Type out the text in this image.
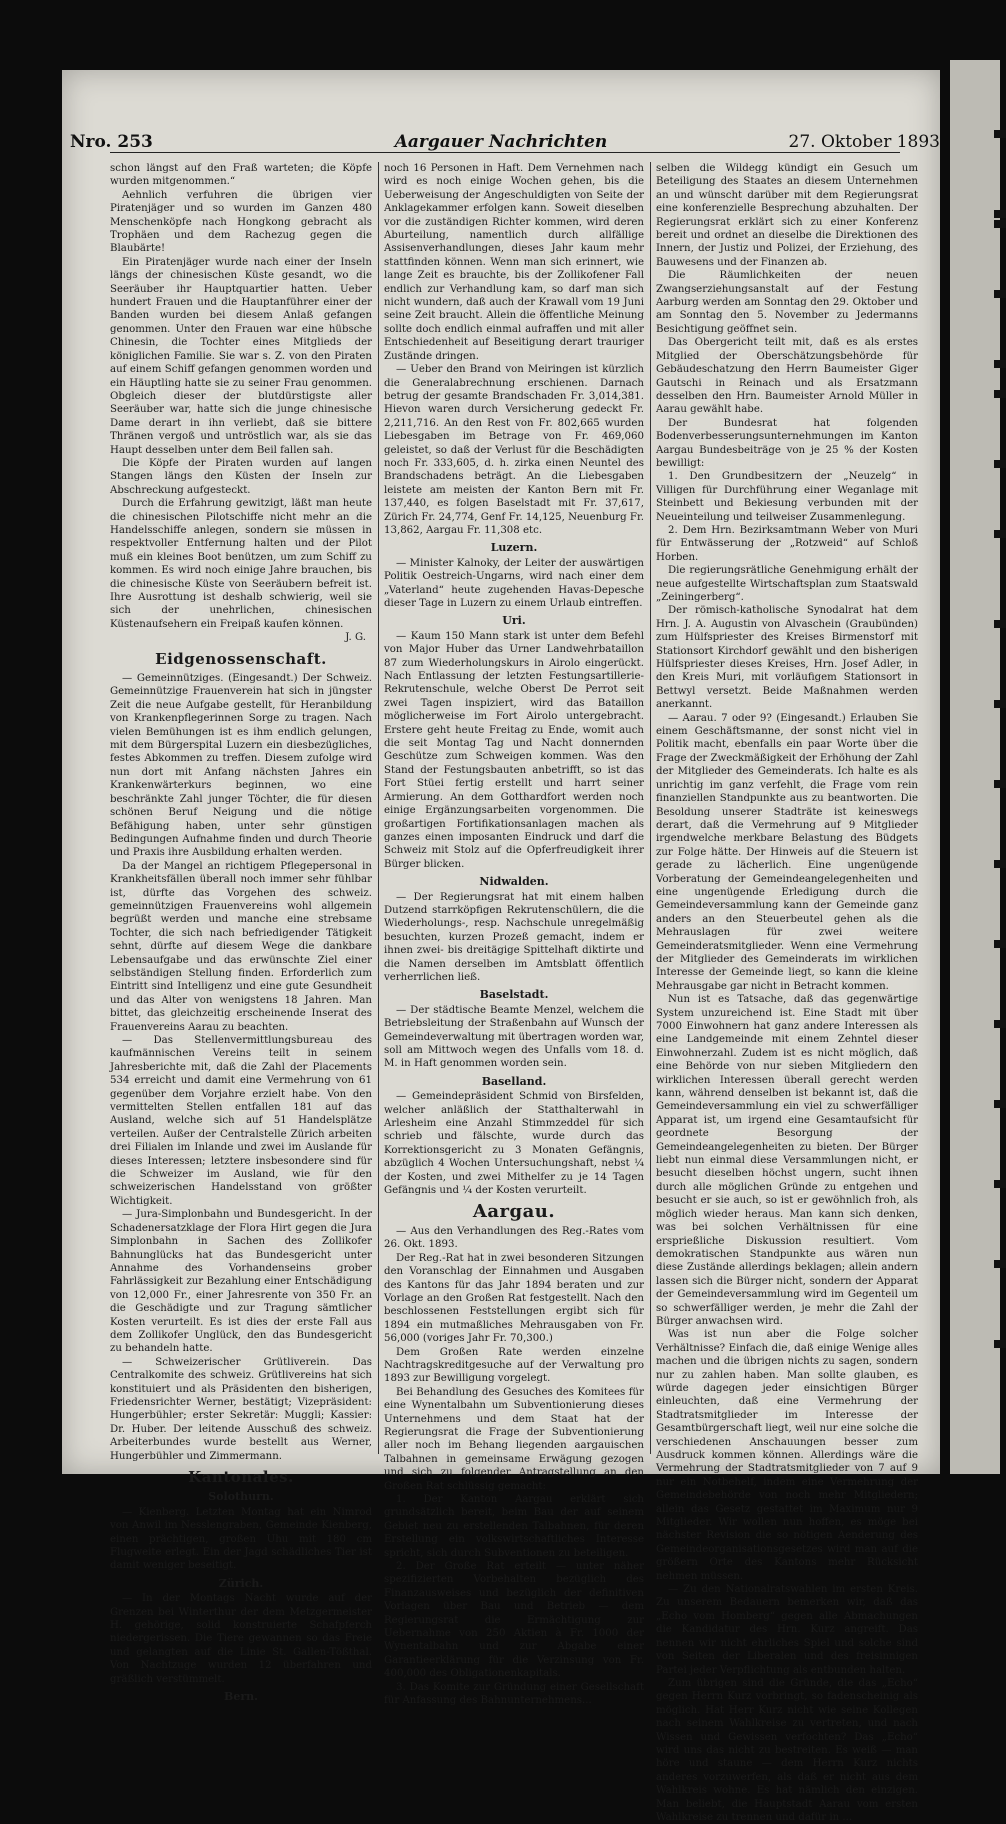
Nro. 253	Aargauer Nachrichten	27. Oktober 1893

schon längst auf den Fraß warteten; die Köpfe wurden mitgenommen.“

Aehnlich verfuhren die übrigen vier Piratenjäger und so wurden im Ganzen 480 Menschenköpfe nach Hongkong gebracht als Trophäen und dem Rachezug gegen die Blaubärte!

Ein Piratenjäger wurde nach einer der Inseln längs der chinesischen Küste gesandt, wo die Seeräuber ihr Hauptquartier hatten. Ueber hundert Frauen und die Hauptanführer einer der Banden wurden bei diesem Anlaß gefangen genommen. Unter den Frauen war eine hübsche Chinesin, die Tochter eines Mitglieds der königlichen Familie. Sie war s. Z. von den Piraten auf einem Schiff gefangen genommen worden und ein Häuptling hatte sie zu seiner Frau genommen. Obgleich dieser der blutdürstigste aller Seeräuber war, hatte sich die junge chinesische Dame derart in ihn verliebt, daß sie bittere Thränen vergoß und untröstlich war, als sie das Haupt desselben unter dem Beil fallen sah.

Die Köpfe der Piraten wurden auf langen Stangen längs den Küsten der Inseln zur Abschreckung aufgesteckt.

Durch die Erfahrung gewitzigt, läßt man heute die chinesischen Pilotschiffe nicht mehr an die Handelsschiffe anlegen, sondern sie müssen in respektvoller Entfernung halten und der Pilot muß ein kleines Boot benützen, um zum Schiff zu kommen. Es wird noch einige Jahre brauchen, bis die chinesische Küste von Seeräubern befreit ist. Ihre Ausrottung ist deshalb schwierig, weil sie sich der unehrlichen, chinesischen Küstenaufsehern ein Freipaß kaufen können.

J. G.
Eidgenossenschaft.

— Gemeinnütziges. (Eingesandt.) Der Schweiz. Gemeinnützige Frauenverein hat sich in jüngster Zeit die neue Aufgabe gestellt, für Heranbildung von Krankenpflegerinnen Sorge zu tragen. Nach vielen Bemühungen ist es ihm endlich gelungen, mit dem Bürgerspital Luzern ein diesbezügliches, festes Abkommen zu treffen. Diesem zufolge wird nun dort mit Anfang nächsten Jahres ein Krankenwärterkurs beginnen, wo eine beschränkte Zahl junger Töchter, die für diesen schönen Beruf Neigung und die nötige Befähigung haben, unter sehr günstigen Bedingungen Aufnahme finden und durch Theorie und Praxis ihre Ausbildung erhalten werden.

Da der Mangel an richtigem Pflegepersonal in Krankheitsfällen überall noch immer sehr fühlbar ist, dürfte das Vorgehen des schweiz. gemeinnützigen Frauenvereins wohl allgemein begrüßt werden und manche eine strebsame Tochter, die sich nach befriedigender Tätigkeit sehnt, dürfte auf diesem Wege die dankbare Lebensaufgabe und das erwünschte Ziel einer selbständigen Stellung finden. Erforderlich zum Eintritt sind Intelligenz und eine gute Gesundheit und das Alter von wenigstens 18 Jahren. Man bittet, das gleichzeitig erscheinende Inserat des Frauenvereins Aarau zu beachten.

— Das Stellenvermittlungsbureau des kaufmännischen Vereins teilt in seinem Jahresberichte mit, daß die Zahl der Placements 534 erreicht und damit eine Vermehrung von 61 gegenüber dem Vorjahre erzielt habe. Von den vermittelten Stellen entfallen 181 auf das Ausland, welche sich auf 51 Handelsplätze verteilen. Außer der Centralstelle Zürich arbeiten drei Filialen im Inlande und zwei im Auslande für dieses Interessen; letztere insbesondere sind für die Schweizer im Ausland, wie für den schweizerischen Handelsstand von größter Wichtigkeit.

— Jura-Simplonbahn und Bundesgericht. In der Schadenersatzklage der Flora Hirt gegen die Jura Simplonbahn in Sachen des Zollikofer Bahnunglücks hat das Bundesgericht unter Annahme des Vorhandenseins grober Fahrlässigkeit zur Bezahlung einer Entschädigung von 12,000 Fr., einer Jahresrente von 350 Fr. an die Geschädigte und zur Tragung sämtlicher Kosten verurteilt. Es ist dies der erste Fall aus dem Zollikofer Unglück, den das Bundesgericht zu behandeln hatte.

— Schweizerischer Grütliverein. Das Centralkomite des schweiz. Grütlivereins hat sich konstituiert und als Präsidenten den bisherigen, Friedensrichter Werner, bestätigt; Vizepräsident: Hungerbühler; erster Sekretär: Muggli; Kassier: Dr. Huber. Der leitende Ausschuß des schweiz. Arbeiterbundes wurde bestellt aus Werner, Hungerbühler und Zimmermann.

Kantonales.
Solothurn.

— Kienberg. Letzten Montag hat ein Nimrod von Anwil im Nesslengraben, Gemeinde Kienberg, einen prächtigen, großen Uhu mit 180 cm Flugweite erlegt. Ein der Jagd schädliches Tier ist damit weniger beseitigt.

Zürich.

— In der Montags Nacht wurde auf der Grenzen bei Winterthur der dem Metzgermeister H. gehörige, solid konstruierte Schafpferch niedergerissen. Die Tiere gewannen so das Freie und gelangten auf die Linie St. Gallen-Tößthal. Von Nachtzuge wurden 12 überfahren und gräßlich verstümmelt.

Bern.

noch 16 Personen in Haft. Dem Vernehmen nach wird es noch einige Wochen gehen, bis die Ueberweisung der Angeschuldigten von Seite der Anklagekammer erfolgen kann. Soweit dieselben vor die zuständigen Richter kommen, wird deren Aburteilung, namentlich durch allfällige Assisenverhandlungen, dieses Jahr kaum mehr stattfinden können. Wenn man sich erinnert, wie lange Zeit es brauchte, bis der Zollikofener Fall endlich zur Verhandlung kam, so darf man sich nicht wundern, daß auch der Krawall vom 19 Juni seine Zeit braucht. Allein die öffentliche Meinung sollte doch endlich einmal aufraffen und mit aller Entschiedenheit auf Beseitigung derart trauriger Zustände dringen.

— Ueber den Brand von Meiringen ist kürzlich die Generalabrechnung erschienen. Darnach betrug der gesamte Brandschaden Fr. 3,014,381. Hievon waren durch Versicherung gedeckt Fr. 2,211,716. An den Rest von Fr. 802,665 wurden Liebesgaben im Betrage von Fr. 469,060 geleistet, so daß der Verlust für die Beschädigten noch Fr. 333,605, d. h. zirka einen Neuntel des Brandschadens beträgt. An die Liebesgaben leistete am meisten der Kanton Bern mit Fr. 137,440, es folgen Baselstadt mit Fr. 37,617, Zürich Fr. 24,774, Genf Fr. 14,125, Neuenburg Fr. 13,862, Aargau Fr. 11,308 etc.

Luzern.

— Minister Kalnoky, der Leiter der auswärtigen Politik Oestreich-Ungarns, wird nach einer dem „Vaterland“ heute zugehenden Havas-Depesche dieser Tage in Luzern zu einem Urlaub eintreffen.

Uri.

— Kaum 150 Mann stark ist unter dem Befehl von Major Huber das Urner Landwehrbataillon 87 zum Wiederholungskurs in Airolo eingerückt. Nach Entlassung der letzten Festungsartillerie-Rekrutenschule, welche Oberst De Perrot seit zwei Tagen inspiziert, wird das Bataillon möglicherweise im Fort Airolo untergebracht. Erstere geht heute Freitag zu Ende, womit auch die seit Montag Tag und Nacht donnernden Geschütze zum Schweigen kommen. Was den Stand der Festungsbauten anbetrifft, so ist das Fort Stüei fertig erstellt und harrt seiner Armierung. An dem Gotthardfort werden noch einige Ergänzungsarbeiten vorgenommen. Die großartigen Fortifikationsanlagen machen als ganzes einen imposanten Eindruck und darf die Schweiz mit Stolz auf die Opferfreudigkeit ihrer Bürger blicken.

Nidwalden.

— Der Regierungsrat hat mit einem halben Dutzend starrköpfigen Rekrutenschülern, die die Wiederholungs-, resp. Nachschule unregelmäßig besuchten, kurzen Prozeß gemacht, indem er ihnen zwei- bis dreitägige Spittelhaft diktirte und die Namen derselben im Amtsblatt öffentlich verherrlichen ließ.

Baselstadt.

— Der städtische Beamte Menzel, welchem die Betriebsleitung der Straßenbahn auf Wunsch der Gemeindeverwaltung mit übertragen worden war, soll am Mittwoch wegen des Unfalls vom 18. d. M. in Haft genommen worden sein.

Baselland.

— Gemeindepräsident Schmid von Birsfelden, welcher anläßlich der Statthalterwahl in Arlesheim eine Anzahl Stimmzeddel für sich schrieb und fälschte, wurde durch das Korrektionsgericht zu 3 Monaten Gefängnis, abzüglich 4 Wochen Untersuchungshaft, nebst ¼ der Kosten, und zwei Mithelfer zu je 14 Tagen Gefängnis und ¼ der Kosten verurteilt.

Aargau.

— Aus den Verhandlungen des Reg.-Rates vom 26. Okt. 1893.

Der Reg.-Rat hat in zwei besonderen Sitzungen den Voranschlag der Einnahmen und Ausgaben des Kantons für das Jahr 1894 beraten und zur Vorlage an den Großen Rat festgestellt. Nach den beschlossenen Feststellungen ergibt sich für 1894 ein mutmaßliches Mehrausgaben von Fr. 56,000 (voriges Jahr Fr. 70,300.)

Dem Großen Rate werden einzelne Nachtragskreditgesuche auf der Verwaltung pro 1893 zur Bewilligung vorgelegt.

Bei Behandlung des Gesuches des Komitees für eine Wynentalbahn um Subventionierung dieses Unternehmens und dem Staat hat der Regierungsrat die Frage der Subventionierung aller noch im Behang liegenden aargauischen Talbahnen in gemeinsame Erwägung gezogen und sich zu folgender Antragstellung an den Großen Rat schlüssig gemacht:

1. Der Kanton Aargau erklärt sich grundsätzlich bereit, beim Bau der auf seinem Gebiet neu zu erstellenden Talbahnen, für deren Erstellung ein volkswirtschaftliches Interesse spricht, sich durch Subventionen zu beteiligen.

2. Der Große Rat erteilt — unter näher spezifizierten Vorbehalten bezüglich des Finanzausweises und bezüglich der definitiven Vorlagen über Bau und Betrieb — dem Regierungsrat die Ermächtigung zur Uebernahme von 250 Aktien à Fr. 1000 der Wynentalbahn und zur Abgabe einer Garantieerklärung für die Verzinsung von Fr. 400,000 des Obligationenkapitals.

3. Das Komite zur Gründung einer Gesellschaft für Anfassung des Bahnunternehmens...

selben die Wildegg kündigt ein Gesuch um Beteiligung des Staates an diesem Unternehmen an und wünscht darüber mit dem Regierungsrat eine konferenzielle Besprechung abzuhalten. Der Regierungsrat erklärt sich zu einer Konferenz bereit und ordnet an dieselbe die Direktionen des Innern, der Justiz und Polizei, der Erziehung, des Bauwesens und der Finanzen ab.

Die Räumlichkeiten der neuen Zwangserziehungsanstalt auf der Festung Aarburg werden am Sonntag den 29. Oktober und am Sonntag den 5. November zu Jedermanns Besichtigung geöffnet sein.

Das Obergericht teilt mit, daß es als erstes Mitglied der Oberschätzungsbehörde für Gebäudeschatzung den Herrn Baumeister Giger Gautschi in Reinach und als Ersatzmann desselben den Hrn. Baumeister Arnold Müller in Aarau gewählt habe.

Der Bundesrat hat folgenden Bodenverbesserungsunternehmungen im Kanton Aargau Bundesbeiträge von je 25 % der Kosten bewilligt:

1. Den Grundbesitzern der „Neuzelg“ in Villigen für Durchführung einer Weganlage mit Steinbett und Bekiesung verbunden mit der Neueinteilung und teilweiser Zusammenlegung.

2. Dem Hrn. Bezirksamtmann Weber von Muri für Entwässerung der „Rotzweid“ auf Schloß Horben.

Die regierungsrätliche Genehmigung erhält der neue aufgestellte Wirtschaftsplan zum Staatswald „Zeiningerberg“.

Der römisch-katholische Synodalrat hat dem Hrn. J. A. Augustin von Alvaschein (Graubünden) zum Hülfspriester des Kreises Birmenstorf mit Stationsort Kirchdorf gewählt und den bisherigen Hülfspriester dieses Kreises, Hrn. Josef Adler, in den Kreis Muri, mit vorläufigem Stationsort in Bettwyl versetzt. Beide Maßnahmen werden anerkannt.

— Aarau. 7 oder 9? (Eingesandt.) Erlauben Sie einem Geschäftsmanne, der sonst nicht viel in Politik macht, ebenfalls ein paar Worte über die Frage der Zweckmäßigkeit der Erhöhung der Zahl der Mitglieder des Gemeinderats. Ich halte es als unrichtig im ganz verfehlt, die Frage vom rein finanziellen Standpunkte aus zu beantworten. Die Besoldung unserer Stadträte ist keineswegs derart, daß die Vermehrung auf 9 Mitglieder irgendwelche merkbare Belastung des Büdgets zur Folge hätte. Der Hinweis auf die Steuern ist gerade zu lächerlich. Eine ungenügende Vorberatung der Gemeindeangelegenheiten und eine ungenügende Erledigung durch die Gemeindeversammlung kann der Gemeinde ganz anders an den Steuerbeutel gehen als die Mehrauslagen für zwei weitere Gemeinderatsmitglieder. Wenn eine Vermehrung der Mitglieder des Gemeinderats im wirklichen Interesse der Gemeinde liegt, so kann die kleine Mehrausgabe gar nicht in Betracht kommen.

Nun ist es Tatsache, daß das gegenwärtige System unzureichend ist. Eine Stadt mit über 7000 Einwohnern hat ganz andere Interessen als eine Landgemeinde mit einem Zehntel dieser Einwohnerzahl. Zudem ist es nicht möglich, daß eine Behörde von nur sieben Mitgliedern den wirklichen Interessen überall gerecht werden kann, während denselben ist bekannt ist, daß die Gemeindeversammlung ein viel zu schwerfälliger Apparat ist, um irgend eine Gesamtaufsicht für geordnete Besorgung der Gemeindeangelegenheiten zu bieten. Der Bürger liebt nun einmal diese Versammlungen nicht, er besucht dieselben höchst ungern, sucht ihnen durch alle möglichen Gründe zu entgehen und besucht er sie auch, so ist er gewöhnlich froh, als möglich wieder heraus. Man kann sich denken, was bei solchen Verhältnissen für eine ersprießliche Diskussion resultiert. Vom demokratischen Standpunkte aus wären nun diese Zustände allerdings beklagen; allein andern lassen sich die Bürger nicht, sondern der Apparat der Gemeindeversammlung wird im Gegenteil um so schwerfälliger werden, je mehr die Zahl der Bürger anwachsen wird.

Was ist nun aber die Folge solcher Verhältnisse? Einfach die, daß einige Wenige alles machen und die übrigen nichts zu sagen, sondern nur zu zahlen haben. Man sollte glauben, es würde dagegen jeder einsichtigen Bürger einleuchten, daß eine Vermehrung der Stadtratsmitglieder im Interesse der Gesamtbürgerschaft liegt, weil nur eine solche die verschiedenen Anschauungen besser zum Ausdruck kommen können. Allerdings wäre die Vermehrung der Stadtratsmitglieder von 7 auf 9 nur ein Notbehelf, indem eine Vermehrung der Gemeindebehörde von noch mehr Mitgliedern; allein das Gesetz gestattet im Maximum nur 9 Mitglieder. Wir wollen nun hoffen, es möge bei nächster Revision die so nötigen Aenderung des Gemeindeorganisationsgesetzes wird man auf die größern Orte des Kantons mehr Rücksicht nehmen müssen.

— Zu den Nationalratswahlen im ersten Kreis. Zu unserem Bedauern bemerken wir, daß das „Echo vom Homberg“ gegen alle Abmachungen die Kandidatur des Hrn. Kurz angreift. Das nennen wir nicht ehrliches Spiel und solche sind von Seiten der Liberalen und des freisinnigen Partei jeder Verpflichtung als entbunden halten.

Zum übrigen sind die Gründe, die das „Echo“ gegen Herrn Kurz vorbringt, so fadenscheinig als möglich. Hat Herr Kurz nicht wie seine Kollegen nach seinem Wahlkreise zu vertreten, und nach Wissen und Gewissen verfochten? Das „Echo“ wird uns das nicht zu bestreiten. Es weiß — man höre und staune — dem Herrn Kurz nichts anderes vorzuwerfen, als daß er nicht aus dem Wahlkreis wohne. Es hat nämlich den einzigen. Man beliebt, die Hauptstadt Aarau vom ersten Wahlkreise zu trennen und dafür in ...
